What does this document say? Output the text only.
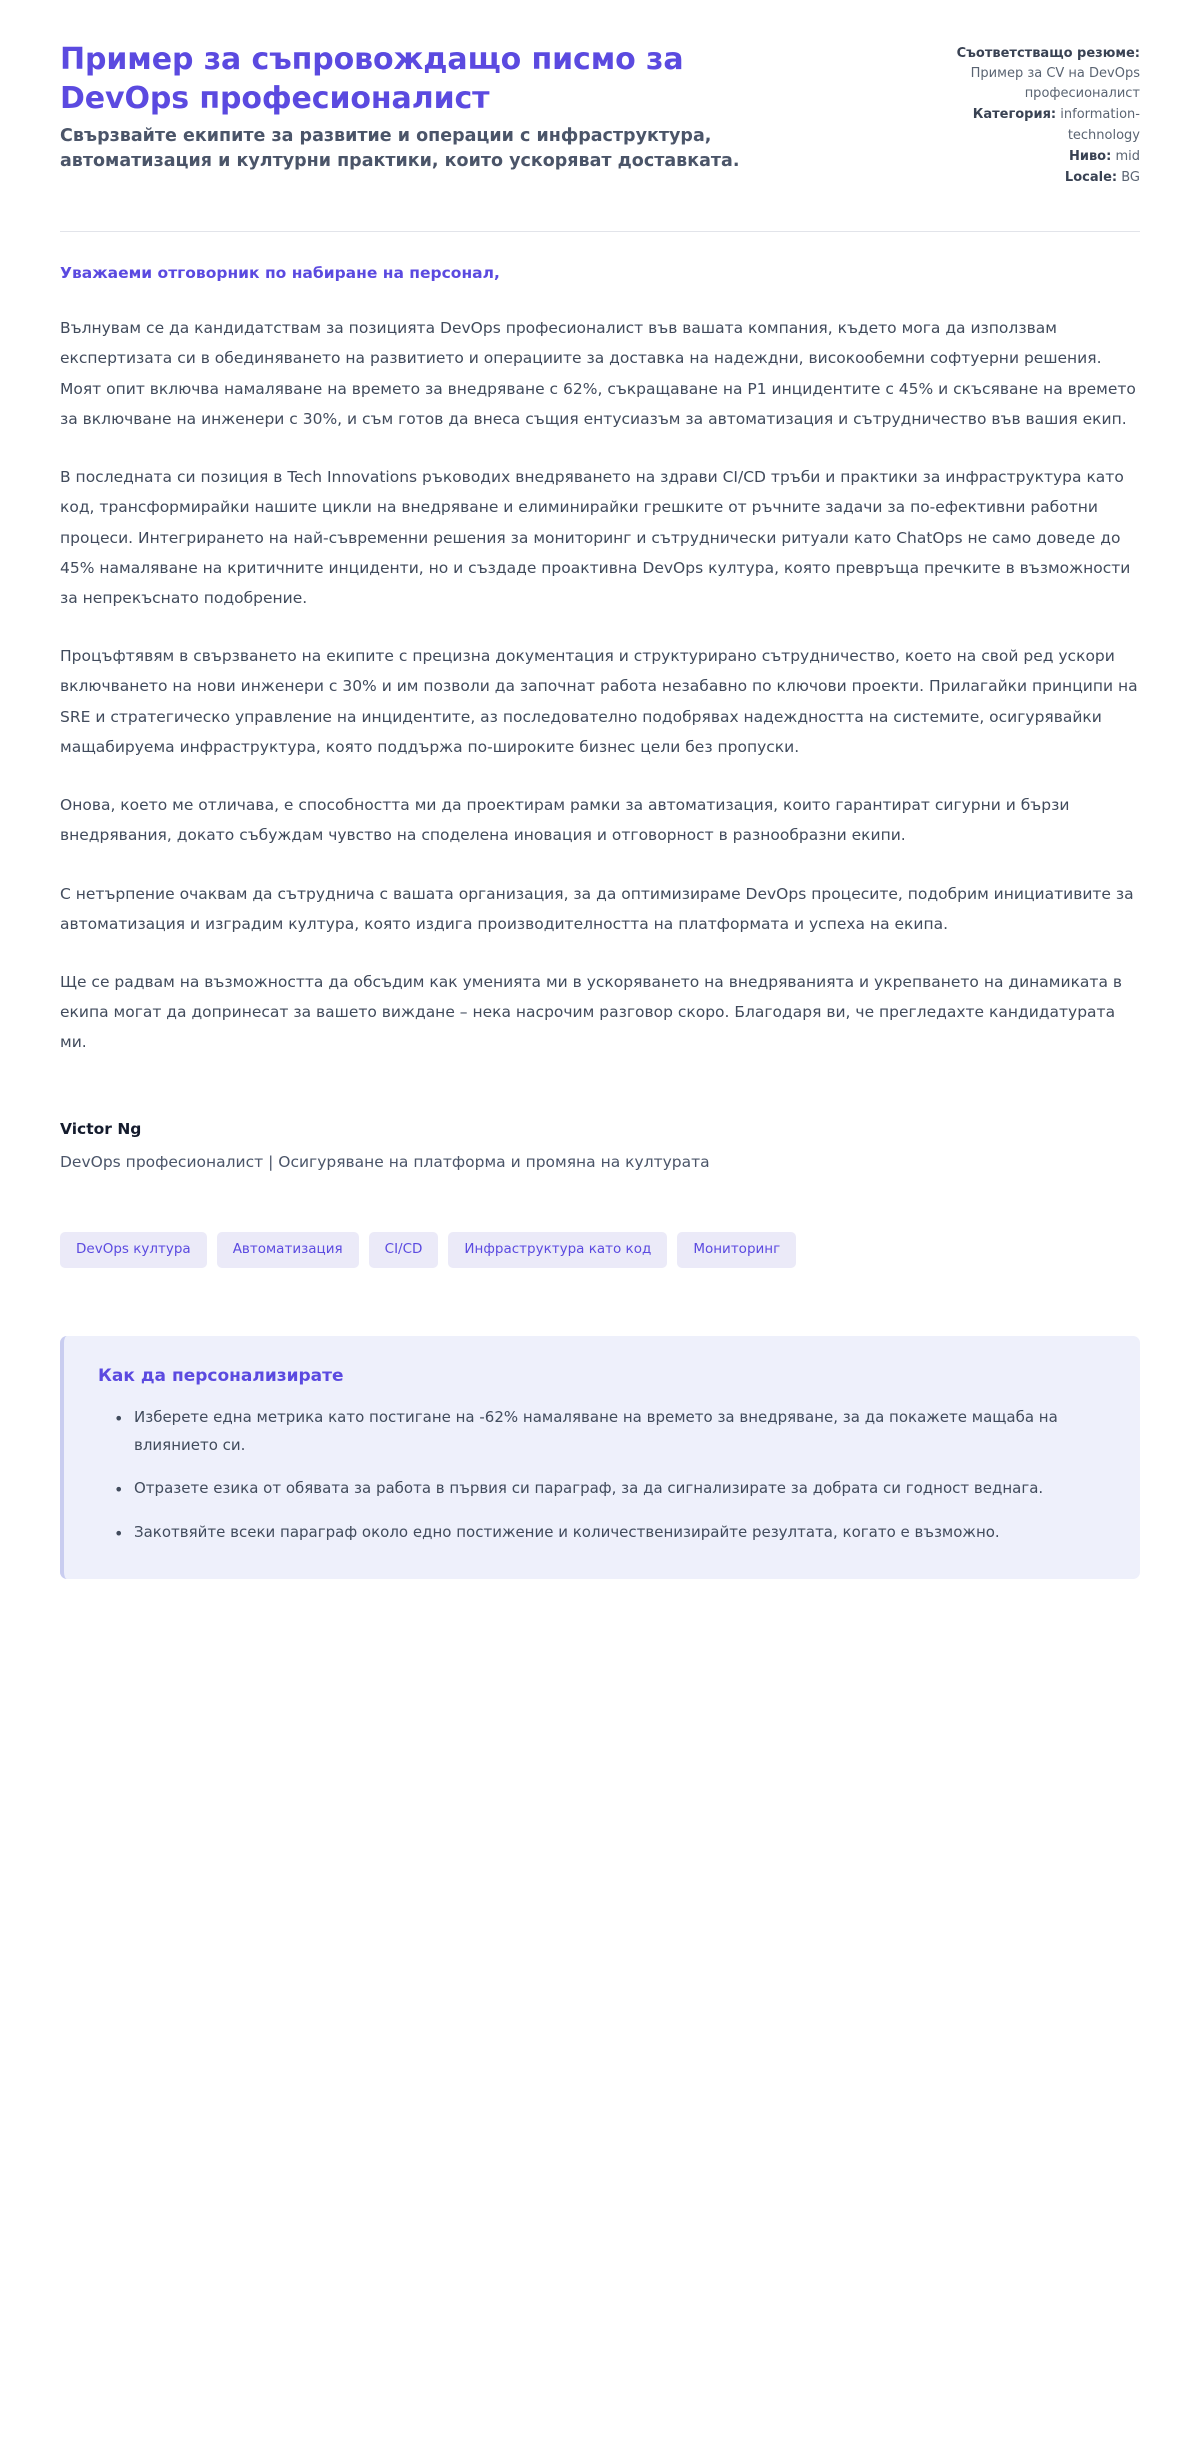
Пример за съпровождащо писмо за DevOps професионалист

Свързвайте екипите за развитие и операции с инфраструктура, автоматизация и културни практики, които ускоряват доставката.

Съответстващо резюме: Пример за CV на DevOps професионалист
Категория: information-technology
Ниво: mid
Locale: BG

Уважаеми отговорник по набиране на персонал,

Вълнувам се да кандидатствам за позицията DevOps професионалист във вашата компания, където мога да използвам експертизата си в обединяването на развитието и операциите за доставка на надеждни, високообемни софтуерни решения. Моят опит включва намаляване на времето за внедряване с 62%, съкращаване на P1 инцидентите с 45% и скъсяване на времето за включване на инженери с 30%, и съм готов да внеса същия ентусиазъм за автоматизация и сътрудничество във вашия екип.

В последната си позиция в Tech Innovations ръководих внедряването на здрави CI/CD тръби и практики за инфраструктура като код, трансформирайки нашите цикли на внедряване и елиминирайки грешките от ръчните задачи за по-ефективни работни процеси. Интегрирането на най-съвременни решения за мониторинг и сътруднически ритуали като ChatOps не само доведе до 45% намаляване на критичните инциденти, но и създаде проактивна DevOps култура, която превръща пречките в възможности за непрекъснато подобрение.

Процъфтявям в свързването на екипите с прецизна документация и структурирано сътрудничество, което на свой ред ускори включването на нови инженери с 30% и им позволи да започнат работа незабавно по ключови проекти. Прилагайки принципи на SRE и стратегическо управление на инцидентите, аз последователно подобрявах надеждността на системите, осигурявайки мащабируема инфраструктура, която поддържа по-широките бизнес цели без пропуски.

Онова, което ме отличава, е способността ми да проектирам рамки за автоматизация, които гарантират сигурни и бързи внедрявания, докато събуждам чувство на споделена иновация и отговорност в разнообразни екипи.

С нетърпение очаквам да сътруднича с вашата организация, за да оптимизираме DevOps процесите, подобрим инициативите за автоматизация и изградим култура, която издига производителността на платформата и успеха на екипа.

Ще се радвам на възможността да обсъдим как уменията ми в ускоряването на внедряванията и укрепването на динамиката в екипа могат да допринесат за вашето виждане – нека насрочим разговор скоро. Благодаря ви, че прегледахте кандидатурата ми.

Victor Ng

DevOps професионалист | Осигуряване на платформа и промяна на културата

DevOps култура	Автоматизация	CI/CD	Инфраструктура като код	Мониторинг
Как да персонализирате
• Изберете една метрика като постигане на -62% намаляване на времето за внедряване, за да покажете мащаба на влиянието си.
• Отразете езика от обявата за работа в първия си параграф, за да сигнализирате за добрата си годност веднага.
• Закотвяйте всеки параграф около едно постижение и количественизирайте резултата, когато е възможно.
